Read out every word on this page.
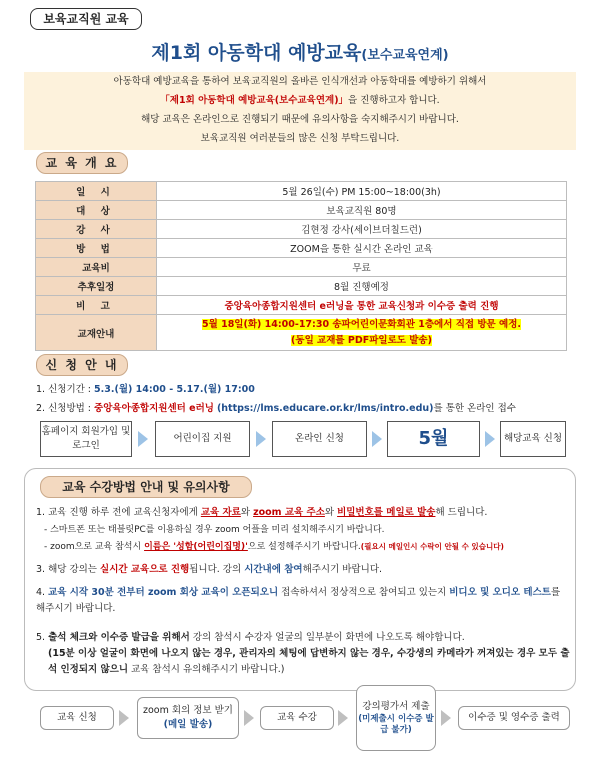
보육교직원 교육
제1회 아동학대 예방교육(보수교육연계)
아동학대 예방교육을 통하여 보육교직원의 올바른 인식개선과 아동학대를 예방하기 위해서
「제1회 아동학대 예방교육(보수교육연계)」을 진행하고자 합니다.
해당 교육은 온라인으로 진행되기 때문에 유의사항을 숙지해주시기 바랍니다.
보육교직원 여러분들의 많은 신청 부탁드립니다.
교 육 개 요
일 시	5월 26일(수) PM 15:00~18:00(3h)
대 상	보육교직원 80명
강 사	김현정 강사(세이브더칠드런)
방 법	ZOOM을 통한 실시간 온라인 교육
교육비	무료
추후일정	8월 진행예정
비 고	중앙육아종합지원센터 e러닝을 통한 교육신청과 이수증 출력 진행
교재안내	5월 18일(화) 14:00-17:30 송파어린이문화회관 1층에서 직접 방문 예정.
(동일 교재를 PDF파일로도 발송)
신 청 안 내
1. 신청기간 : 5.3.(월) 14:00 - 5.17.(월) 17:00
2. 신청방법 : 중앙육아종합지원센터 e러닝 (https://lms.educare.or.kr/lms/intro.edu)를 통한 온라인 접수
홈페이지 회원가입 및 로그인
어린이집 지원	온라인 신청	5월	해당교육 신청
교육 수강방법 안내 및 유의사항
1. 교육 진행 하루 전에 교육신청자에게 교육 자료와 zoom 교육 주소와 비밀번호를 메일로 발송해 드립니다.
- 스마트폰 또는 태블릿PC를 이용하실 경우 zoom 어플을 미리 설치해주시기 바랍니다.
- zoom으로 교육 참석시 이름은 '성함(어린이집명)'으로 설정해주시기 바랍니다.(필요시 메일인시 수락이 안될 수 있습니다)
3. 해당 강의는 실시간 교육으로 진행됩니다. 강의 시간내에 참여해주시기 바랍니다.
4. 교육 시작 30분 전부터 zoom 회상 교육이 오픈되오니 접속하셔서 정상적으로 참여되고 있는지 비디오 및 오디오 테스트를 해주시기 바랍니다.
5. 출석 체크와 이수증 발급을 위해서 강의 참석시 수강자 얼굴의 일부분이 화면에 나오도록 해야합니다.
(15분 이상 얼굴이 화면에 나오지 않는 경우, 관리자의 체팅에 답변하지 않는 경우, 수강생의 카메라가 꺼져있는 경우 모두 출석 인정되지 않으니 교육 참석시 유의해주시기 바랍니다.)
교육 신청
zoom 회의 정보 받기
(메일 발송)
교육 수강
강의평가서 제출
(미제출시 이수증 발급 불가)
이수증 및 영수증 출력
